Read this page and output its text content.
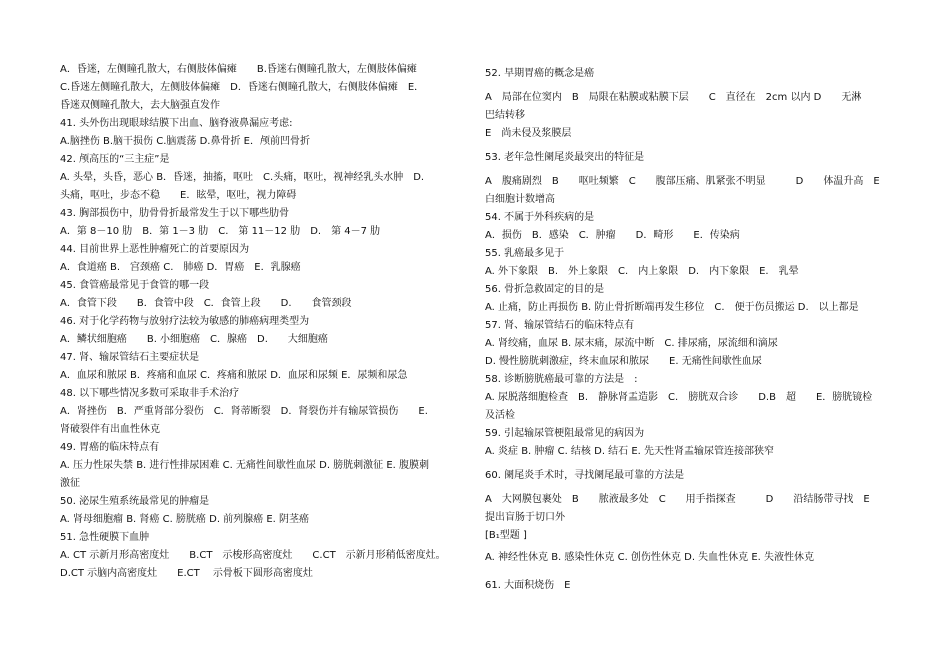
A．昏迷，左侧瞳孔散大，右侧肢体偏瘫　　B.昏迷右侧瞳孔散大，左侧肢体偏瘫
C.昏迷左侧瞳孔散大，左侧肢体偏瘫　D．昏迷右侧瞳孔散大，右侧肢体偏瘫　E．
昏迷双侧瞳孔散大，去大脑强直发作
41. 头外伤出现眼球结膜下出血、脑脊液鼻漏应考虑:
A.脑挫伤 B.脑干损伤 C.脑震荡 D.鼻骨折 E．颅前凹骨折
42. 颅高压的“三主症”是
A. 头晕，头昏，恶心 B．昏迷，抽搐，呕吐　C.头痛，呕吐，视神经乳头水肿　D.
头痛，呕吐，步态不稳　　E．眩晕，呕吐，视力障碍
43. 胸部损伤中，肋骨骨折最常发生于以下哪些肋骨
A．第 8－10 肋　B．第 1－3 肋　C.　第 11－12 肋　D.　第 4－7 肋
44. 目前世界上恶性肿瘤死亡的首要原因为
A．食道癌 B.　宫颈癌 C.　肺癌 D．胃癌　E．乳腺癌
45. 食管癌最常见于食管的哪一段
A．食管下段　　B．食管中段　C．食管上段　　D.　　食管颈段
46. 对于化学药物与放射疗法较为敏感的肺癌病理类型为
A．鳞状细胞癌　　B. 小细胞癌　C．腺癌　D.　　大细胞癌
47. 肾、输尿管结石主要症状是
A．血尿和脓尿 B．疼痛和血尿 C．疼痛和脓尿 D．血尿和尿频 E．尿频和尿急
48. 以下哪些情况多数可采取非手术治疗
A．肾挫伤　B．严重肾部分裂伤　C．肾蒂断裂　D．肾裂伤并有输尿管损伤　　E.
肾破裂伴有出血性休克
49. 胃癌的临床特点有
A. 压力性尿失禁 B. 进行性排尿困难 C. 无痛性间歇性血尿 D. 膀胱刺激征 E. 腹膜刺
激征
50. 泌尿生殖系统最常见的肿瘤是
A. 肾母细胞瘤 B. 肾癌 C. 膀胱癌 D. 前列腺癌 E. 阴茎癌
51. 急性硬膜下血肿
A. CT 示新月形高密度灶　　B.CT　示梭形高密度灶　　C.CT　示新月形稍低密度灶。
D.CT 示脑内高密度灶　　E.CT　 示骨板下圆形高密度灶
52. 早期胃癌的概念是癌
A　局部在位窦内　B　局限在粘膜或粘膜下层　　C　直径在　2cm 以内 D　　无淋
巴结转移
E　尚未侵及浆膜层
53. 老年急性阑尾炎最突出的特征是
A　腹痛剧烈　B　　呕吐频繁　C　　腹部压痛、肌紧张不明显　　　D　　体温升高　E
白细胞计数增高
54. 不属于外科疾病的是
A．损伤　B．感染　C．肿瘤　　D．畸形　　E．传染病
55. 乳癌最多见于
A. 外下象限　B.　外上象限　C.　内上象限　D.　内下象限　E.　乳晕
56. 骨折急救固定的目的是
A. 止痛，防止再损伤 B. 防止骨折断端再发生移位　C.　便于伤员搬运 D.　以上都是
57. 肾、输尿管结石的临床特点有
A. 肾绞痛，血尿 B. 尿末痛，尿流中断　C. 排尿痛，尿流细和滴尿
D. 慢性膀胱刺激症，终末血尿和脓尿　　E. 无痛性间歇性血尿
58. 诊断膀胱癌最可靠的方法是　:
A. 尿脱落细胞检查　B.　静脉肾盂造影　C.　膀胱双合诊　　D.B　超　　E．膀胱镜检
及活检
59. 引起输尿管梗阻最常见的病因为
A. 炎症 B. 肿瘤 C. 结核 D. 结石 E. 先天性肾盂输尿管连接部狭窄
60. 阑尾炎手术时，寻找阑尾最可靠的方法是
A　大网膜包裹处　B　　脓液最多处　C　　用手指探查　　　D　　沿结肠带寻找　E
提出盲肠于切口外
[B₁型题 ]
A. 神经性休克 B. 感染性休克 C. 创伤性休克 D. 失血性休克 E. 失液性休克
61. 大面积烧伤　E
